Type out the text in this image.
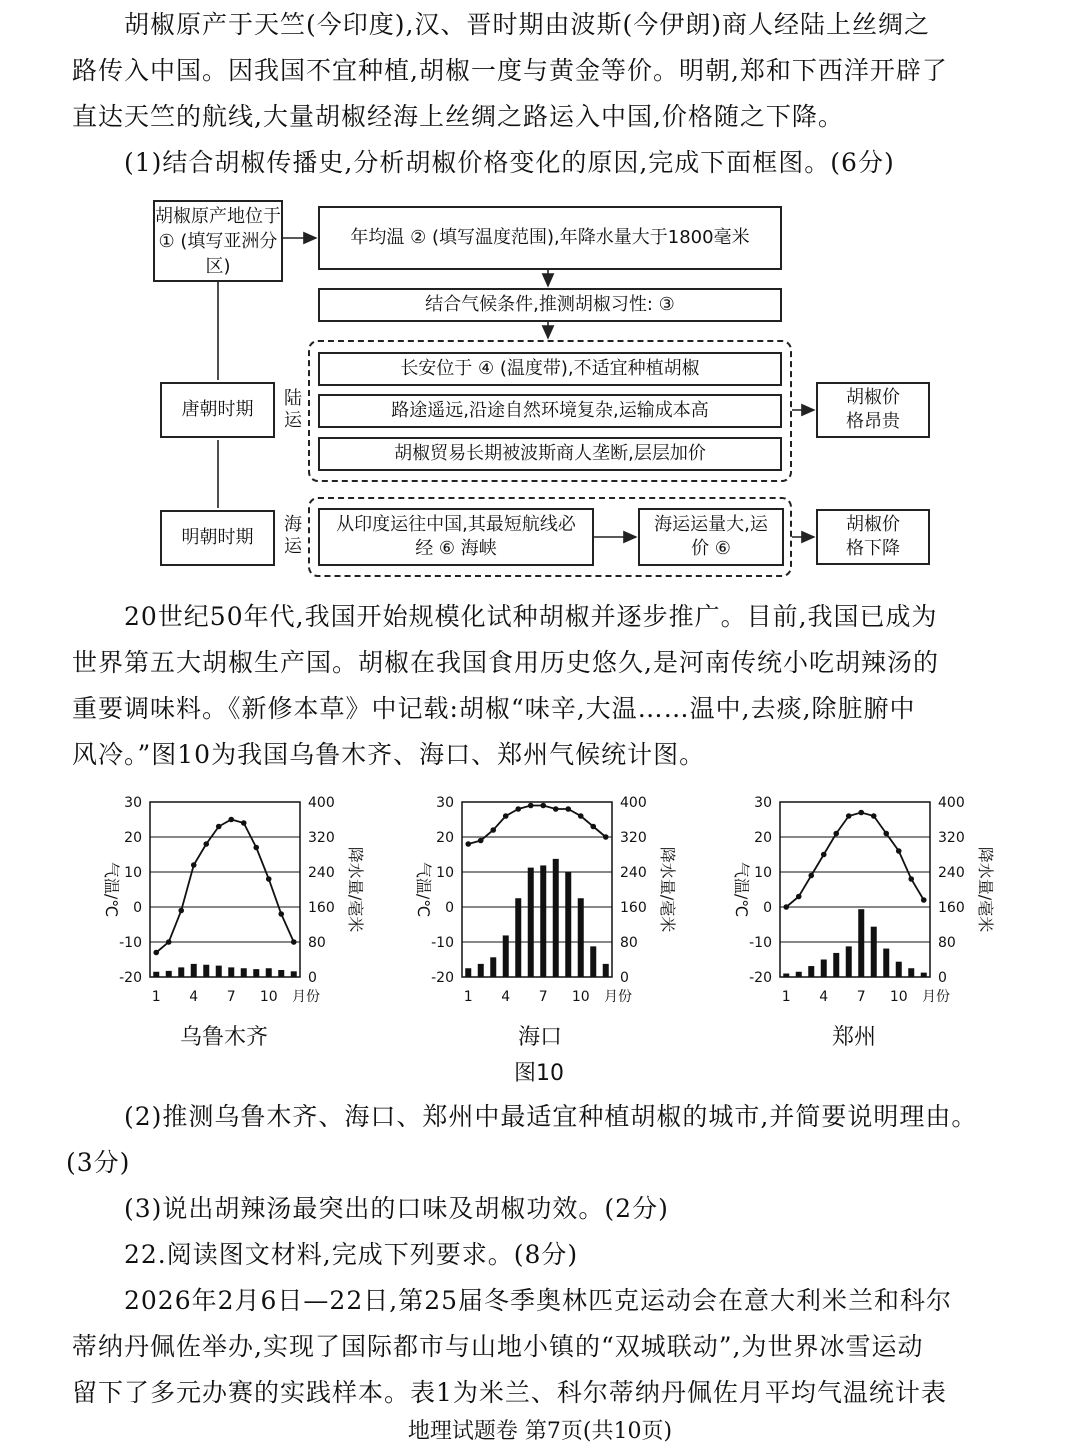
胡椒原产于天竺(今印度),汉、晋时期由波斯(今伊朗)商人经陆上丝绸之
路传入中国。因我国不宜种植,胡椒一度与黄金等价。明朝,郑和下西洋开辟了
直达天竺的航线,大量胡椒经海上丝绸之路运入中国,价格随之下降。
(1)结合胡椒传播史,分析胡椒价格变化的原因,完成下面框图。(6分)
胡椒原产地位于 ① (填写亚洲分区)
年均温 ② (填写温度范围),年降水量大于1800毫米
结合气候条件,推测胡椒习性: ③
长安位于 ④ (温度带),不适宜种植胡椒
路途遥远,沿途自然环境复杂,运输成本高
胡椒贸易长期被波斯商人垄断,层层加价
唐朝时期
陆运
胡椒价格昂贵
从印度运往中国,其最短航线必经 ⑥ 海峡
海运运量大,运价 ⑥
明朝时期
海运
胡椒价格下降
20世纪50年代,我国开始规模化试种胡椒并逐步推广。目前,我国已成为
世界第五大胡椒生产国。胡椒在我国食用历史悠久,是河南传统小吃胡辣汤的
重要调味料。《新修本草》中记载:胡椒“味辛,大温……温中,去痰,除脏腑中
风冷。”图10为我国乌鲁木齐、海口、郑州气候统计图。
30	400
20	320
10	240
0	160
-10	80
-20	0
1 4 7 10 月份
气温/℃	降水量/毫米
30	400
20	320
10	240
0	160
-10	80
-20	0
1 4 7 10 月份
气温/℃	降水量/毫米
30	400
20	320
10	240
0	160
-10	80
-20	0
1 4 7 10 月份
气温/℃	降水量/毫米
乌鲁木齐	海口	郑州
图10
(2)推测乌鲁木齐、海口、郑州中最适宜种植胡椒的城市,并简要说明理由。
(3分)
(3)说出胡辣汤最突出的口味及胡椒功效。(2分)
22.阅读图文材料,完成下列要求。(8分)
2026年2月6日—22日,第25届冬季奥林匹克运动会在意大利米兰和科尔
蒂纳丹佩佐举办,实现了国际都市与山地小镇的“双城联动”,为世界冰雪运动
留下了多元办赛的实践样本。表1为米兰、科尔蒂纳丹佩佐月平均气温统计表
地理试题卷 第7页(共10页)
